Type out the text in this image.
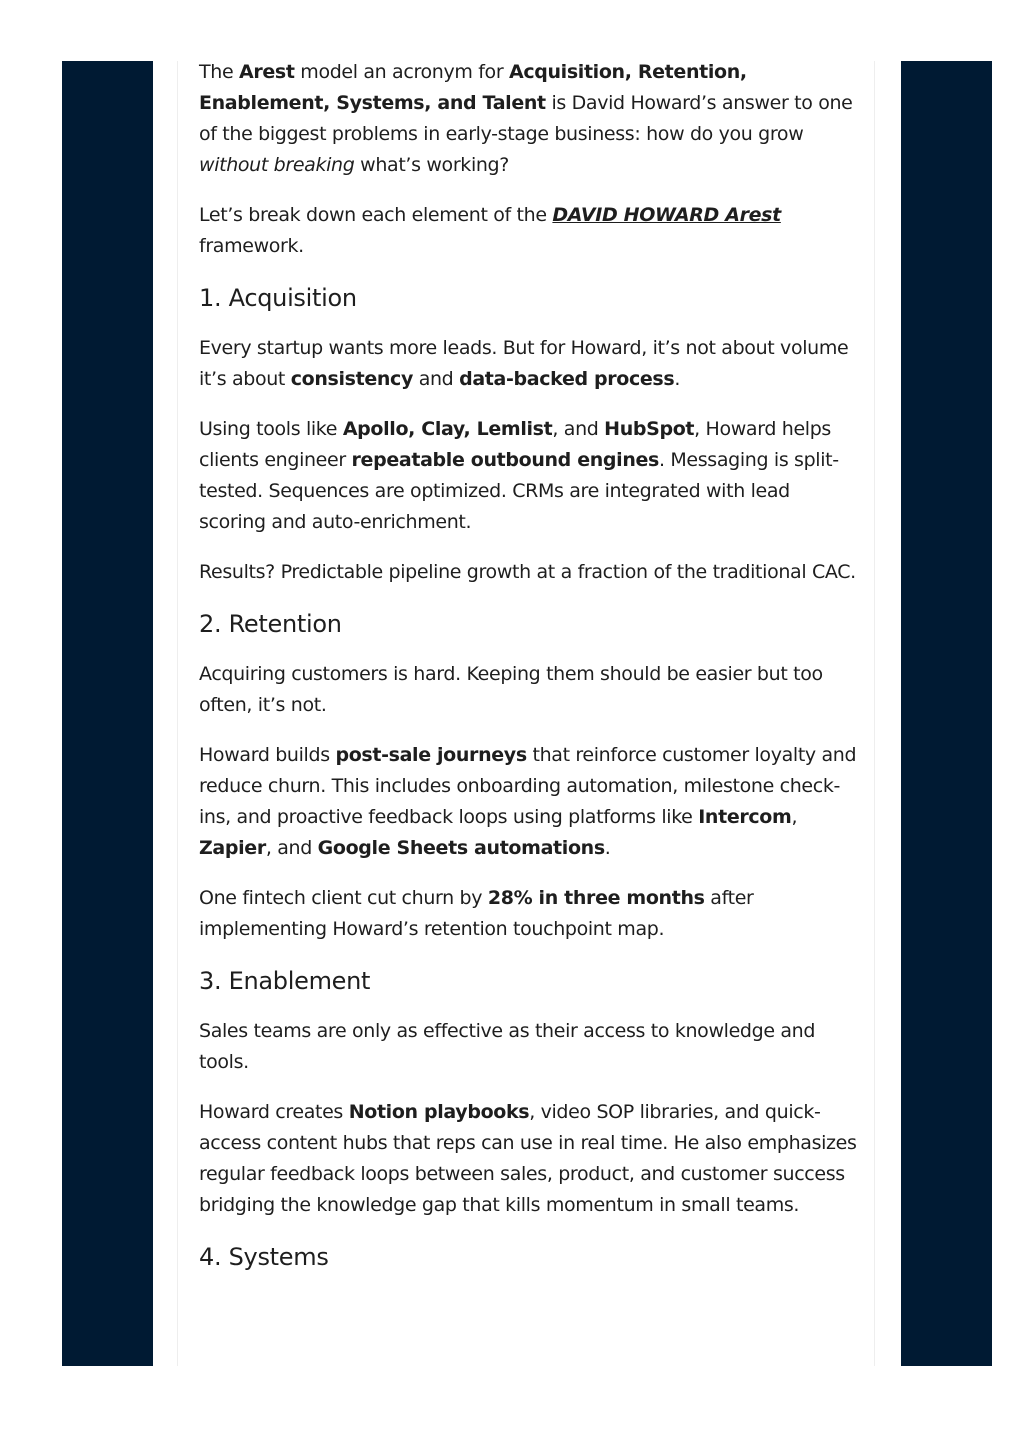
The Arest model an acronym for Acquisition, Retention, Enablement, Systems, and Talent is David Howard’s answer to one of the biggest problems in early-stage business: how do you grow without breaking what’s working?

Let’s break down each element of the DAVID HOWARD Arest
framework.

1. Acquisition

Every startup wants more leads. But for Howard, it’s not about volume it’s about consistency and data-backed process.

Using tools like Apollo, Clay, Lemlist, and HubSpot, Howard helps clients engineer repeatable outbound engines. Messaging is split-tested. Sequences are optimized. CRMs are integrated with lead scoring and auto-enrichment.

Results? Predictable pipeline growth at a fraction of the traditional CAC.

2. Retention

Acquiring customers is hard. Keeping them should be easier but too often, it’s not.

Howard builds post-sale journeys that reinforce customer loyalty and reduce churn. This includes onboarding automation, milestone check-ins, and proactive feedback loops using platforms like Intercom, Zapier, and Google Sheets automations.

One fintech client cut churn by 28% in three months after implementing Howard’s retention touchpoint map.

3. Enablement

Sales teams are only as effective as their access to knowledge and tools.

Howard creates Notion playbooks, video SOP libraries, and quick-access content hubs that reps can use in real time. He also emphasizes regular feedback loops between sales, product, and customer success bridging the knowledge gap that kills momentum in small teams.

4. Systems
